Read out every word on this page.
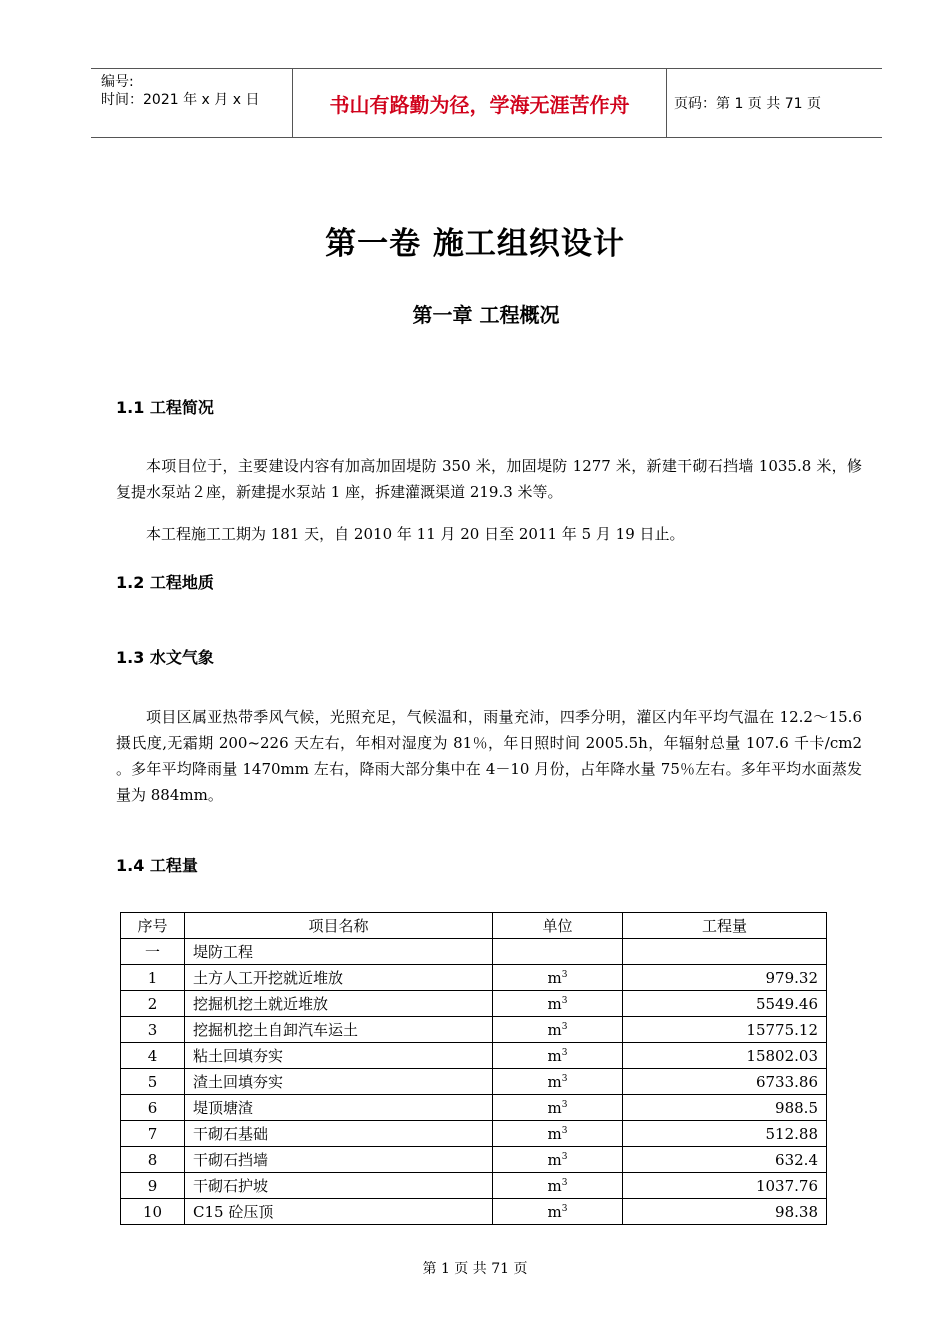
编号:
时间：2021 年 x 月 x 日	书山有路勤为径，学海无涯苦作舟	页码：第 1 页 共 71 页
第一卷 施工组织设计
第一章 工程概况
1.1 工程简况
本项目位于，主要建设内容有加高加固堤防 350 米，加固堤防 1277 米，新建干砌石挡墙 1035.8 米，修复提水泵站２座，新建提水泵站 1 座，拆建灌溉渠道 219.3 米等。
本工程施工工期为 181 天，自 2010 年 11 月 20 日至 2011 年 5 月 19 日止。
1.2 工程地质
1.3 水文气象
项目区属亚热带季风气候，光照充足，气候温和，雨量充沛，四季分明，灌区内年平均气温在 12.2～15.6 摄氏度,无霜期 200~226 天左右，年相对湿度为 81％，年日照时间 2005.5h，年辐射总量 107.6 千卡/cm2 。多年平均降雨量 1470mm 左右，降雨大部分集中在 4－10 月份，占年降水量 75％左右。多年平均水面蒸发量为 884mm。
1.4 工程量
序号	项目名称	单位	工程量
一	堤防工程		
1	土方人工开挖就近堆放	$m^3$	979.32
2	挖掘机挖土就近堆放	$m^3$	5549.46
3	挖掘机挖土自卸汽车运土	$m^3$	15775.12
4	粘土回填夯实	$m^3$	15802.03
5	渣土回填夯实	$m^3$	6733.86
6	堤顶塘渣	$m^3$	988.5
7	干砌石基础	$m^3$	512.88
8	干砌石挡墙	$m^3$	632.4
9	干砌石护坡	$m^3$	1037.76
10	C15 砼压顶	$m^3$	98.38
第 1 页 共 71 页
